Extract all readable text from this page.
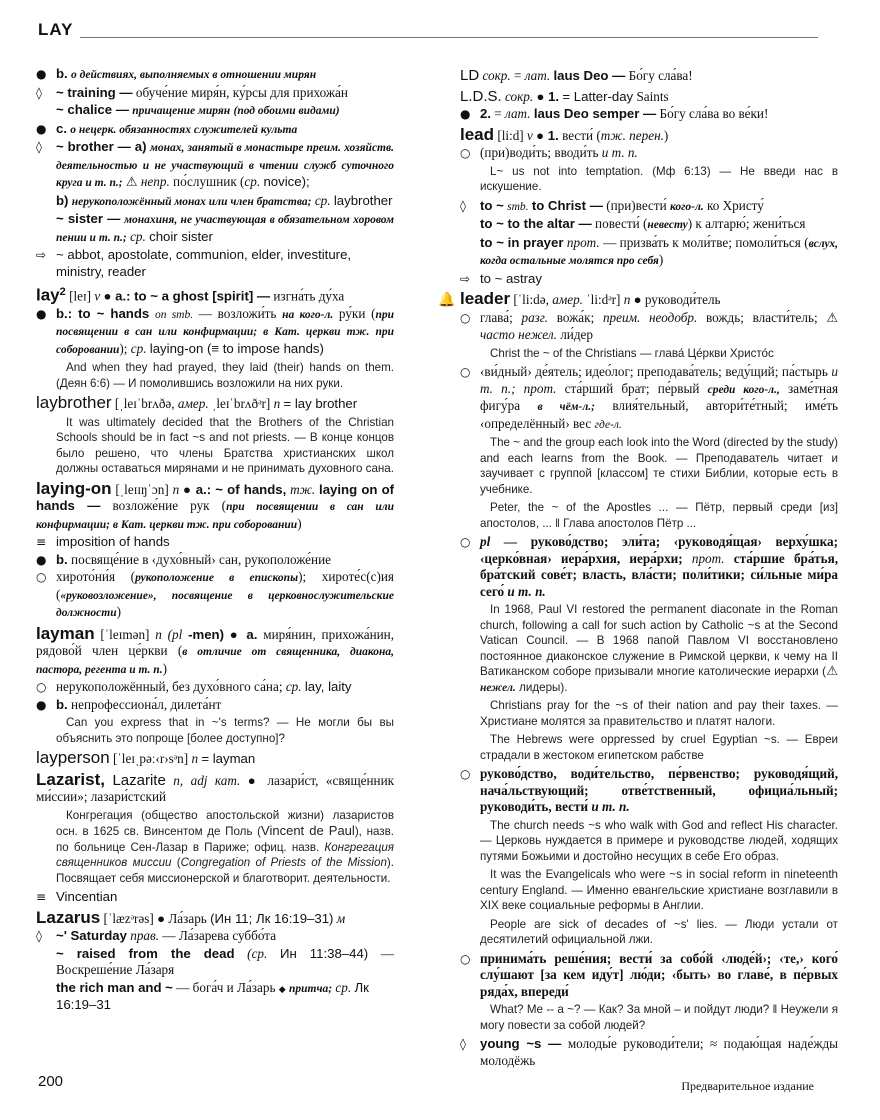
LAY
● b. о действиях, выполняемых в отношении мирян
◊	~ training — обуче́ние миря́н, ку́рсы для прихожа́н
~ chalice — причащение мирян (под обоими видами)
● c. о нецерк. обязанностях служителей культа
◊	~ brother — a) монах, занятый в монастыре преим. хозяйств. деятельностью и не участвующий в чтении служб суточного круга и т. п.; ⚠ непр. по́слушник (ср. novice);
b) нерукоположённый монах или член братства; ср. laybrother
~ sister — монахиня, не участвующая в обязательном хоровом пении и т. п.; ср. choir sister
⇨ ~ abbot, apostolate, communion, elder, investiture, ministry, reader
lay$^2$ [leɪ] v ● a.: to ~ a ghost [spirit] — изгна́ть ду́ха
● b.: to ~ hands on smb. — возложи́ть на кого-л. ру́ки (при посвящении в сан или конфирмации; в Кат. церкви тж. при соборовании); ср. laying-on (≡ to impose hands)
And when they had prayed, they laid (their) hands on them. (Деян 6:6) — И помолившись возложили на них руки.
laybrother [ˌleɪˈbrʌðə, амер. ˌleɪˈbrʌðᵊr] n = lay brother
It was ultimately decided that the Brothers of the Christian Schools should be in fact ~s and not priests. — В конце концов было решено, что члены Братства христианских школ должны оставаться мирянами и не принимать духовного сана.
laying-on [ˌleɪɪŋˈɔn] n ● a.: ~ of hands, тж. laying on of hands — возложе́ние рук (при посвящении в сан или конфирмации; в Кат. церкви тж. при соборовании)
≡ imposition of hands
● b. посвяще́ние в ‹духо́вный› сан, рукоположе́ние
○ хирото́ни́я (рукоположение в епископы); хироте́с(с)ия («руковозложение», посвящение в церковнослужительские должности)
layman [ˈleɪmən] n (pl -men) ● a. миря́нин, прихожа́нин, рядово́й член це́ркви (в отличие от священника, диакона, пастора, регента и т. п.)
○ нерукоположённый, без духо́вного са́на; ср. lay, laity
● b. непрофессиона́л, дилета́нт
Can you express that in ~'s terms? — Не могли бы вы объяснить это попроще [более доступно]?
layperson [ˈleɪˌpəː‹r›sᵊn] n = layman
Lazarist, Lazarite n, adj кат. ● лазари́ст, «свяще́нник ми́ссии»; лазари́стский
Конгрегация (общество апостольской жизни) лазаристов осн. в 1625 св. Винсентом де Поль (Vincent de Paul), назв. по больнице Сен-Лазар в Париже; офиц. назв. Конгрегация священников миссии (Congregation of Priests of the Mission). Посвящает себя миссионерской и благотворит. деятельности.
≡ Vincentian
Lazarus [ˈlæzᵊrəs] ● Ла́зарь (Ин 11; Лк 16:19–31) м
◊	~' Saturday прав. — Ла́зарева суббо́та
~ raised from the dead (ср. Ин 11:38–44) — Воскреше́ние Ла́заря
the rich man and ~ — бога́ч и Ла́зарь ◆ притча; ср. Лк 16:19–31
LD сокр. = лат. laus Deo — Бо́гу сла́ва!
L.D.S. сокр. ● 1. = Latter-day Saints
● 2. = лат. laus Deo semper — Бо́гу сла́ва во ве́ки!
lead [li:d] v ● 1. вести́ (тж. перен.)
○ (при)води́ть; вводи́ть и т. п.
L~ us not into temptation. (Мф 6:13) — Не введи нас в искушение.
◊	to ~ smb. to Christ — (при)вести́ кого-л. ко Христу́
to ~ to the altar — повести́ (невесту) к алтарю́; жени́ться
to ~ in prayer прот. — призва́ть к моли́тве; помоли́ться (вслух, когда остальные молятся про себя)
⇨ to ~ astray
🔔 leader [ˈli:də, амер. ˈli:dᵊr] n ● руководи́тель
○ глава́; разг. вожа́к; преим. неодобр. вождь; власти́тель; ⚠ часто нежел. ли́дер
Christ the ~ of the Christians — глава́ Це́ркви Христо́с
○ ‹ви́дный› де́ятель; идео́лог; преподава́тель; веду́щий; па́стырь и т. п.; прот. ста́рший брат; пе́рвый среди кого-л., заме́тная фигу́ра в чём-л.; влия́тельный, автори́те́тный; име́ть ‹определённый› вес где-л.
The ~ and the group each look into the Word (directed by the study) and each learns from the Book. — Преподаватель читает и заучивает с группой [классом] те стихи Библии, которые есть в учебнике.
Peter, the ~ of the Apostles ... — Пётр, первый среди [из] апостолов, ... ‖ Глава апостолов Пётр ...
○ pl — руково́дство; эли́та; ‹руководя́щая› верху́шка; ‹церко́вная› иера́рхия, иера́рхи; прот. ста́ршие бра́тья, бра́тский сове́т; власть, вла́сти; поли́тики; си́льные ми́ра сего́ и т. п.
In 1968, Paul VI restored the permanent diaconate in the Roman church, following a call for such action by Catholic ~s at the Second Vatican Council. — В 1968 папой Павлом VI восстановлено постоянное диаконское служение в Римской церкви, к чему на II Ватиканском соборе призывали многие католические иерархи (⚠ нежел. лидеры).
Christians pray for the ~s of their nation and pay their taxes. — Христиане молятся за правительство и платят налоги.
The Hebrews were oppressed by cruel Egyptian ~s. — Евреи страдали в жестоком египетском рабстве
○ руково́дство, води́тельство, пе́рвенство; руководя́щий, нача́льствующий; отве́тственный, официа́льный; руководи́ть, вести́ и т. п.
The church needs ~s who walk with God and reflect His character. — Церковь нуждается в примере и руководстве людей, ходящих путями Божьими и достойно несущих в себе Его образ.
It was the Evangelicals who were ~s in social reform in nineteenth century England. — Именно евангельские христиане возглавили в XIX веке социальные реформы в Англии.
People are sick of decades of ~s' lies. — Люди устали от десятилетий официальной лжи.
○ принима́ть реше́ния; вести́ за собо́й ‹люде́й›; ‹те,› кого́ слу́шают [за кем иду́т] лю́ди; ‹быть› во главе́, в пе́рвых ряда́х, впереди́
What? Me -- a ~? — Как? За мной – и пойдут люди? ‖ Неужели я могу повести за собой людей?
◊	young ~s — молоды́е руководи́тели; ≈ подаю́щая наде́жды молодёжь
200	Предварительное издание
